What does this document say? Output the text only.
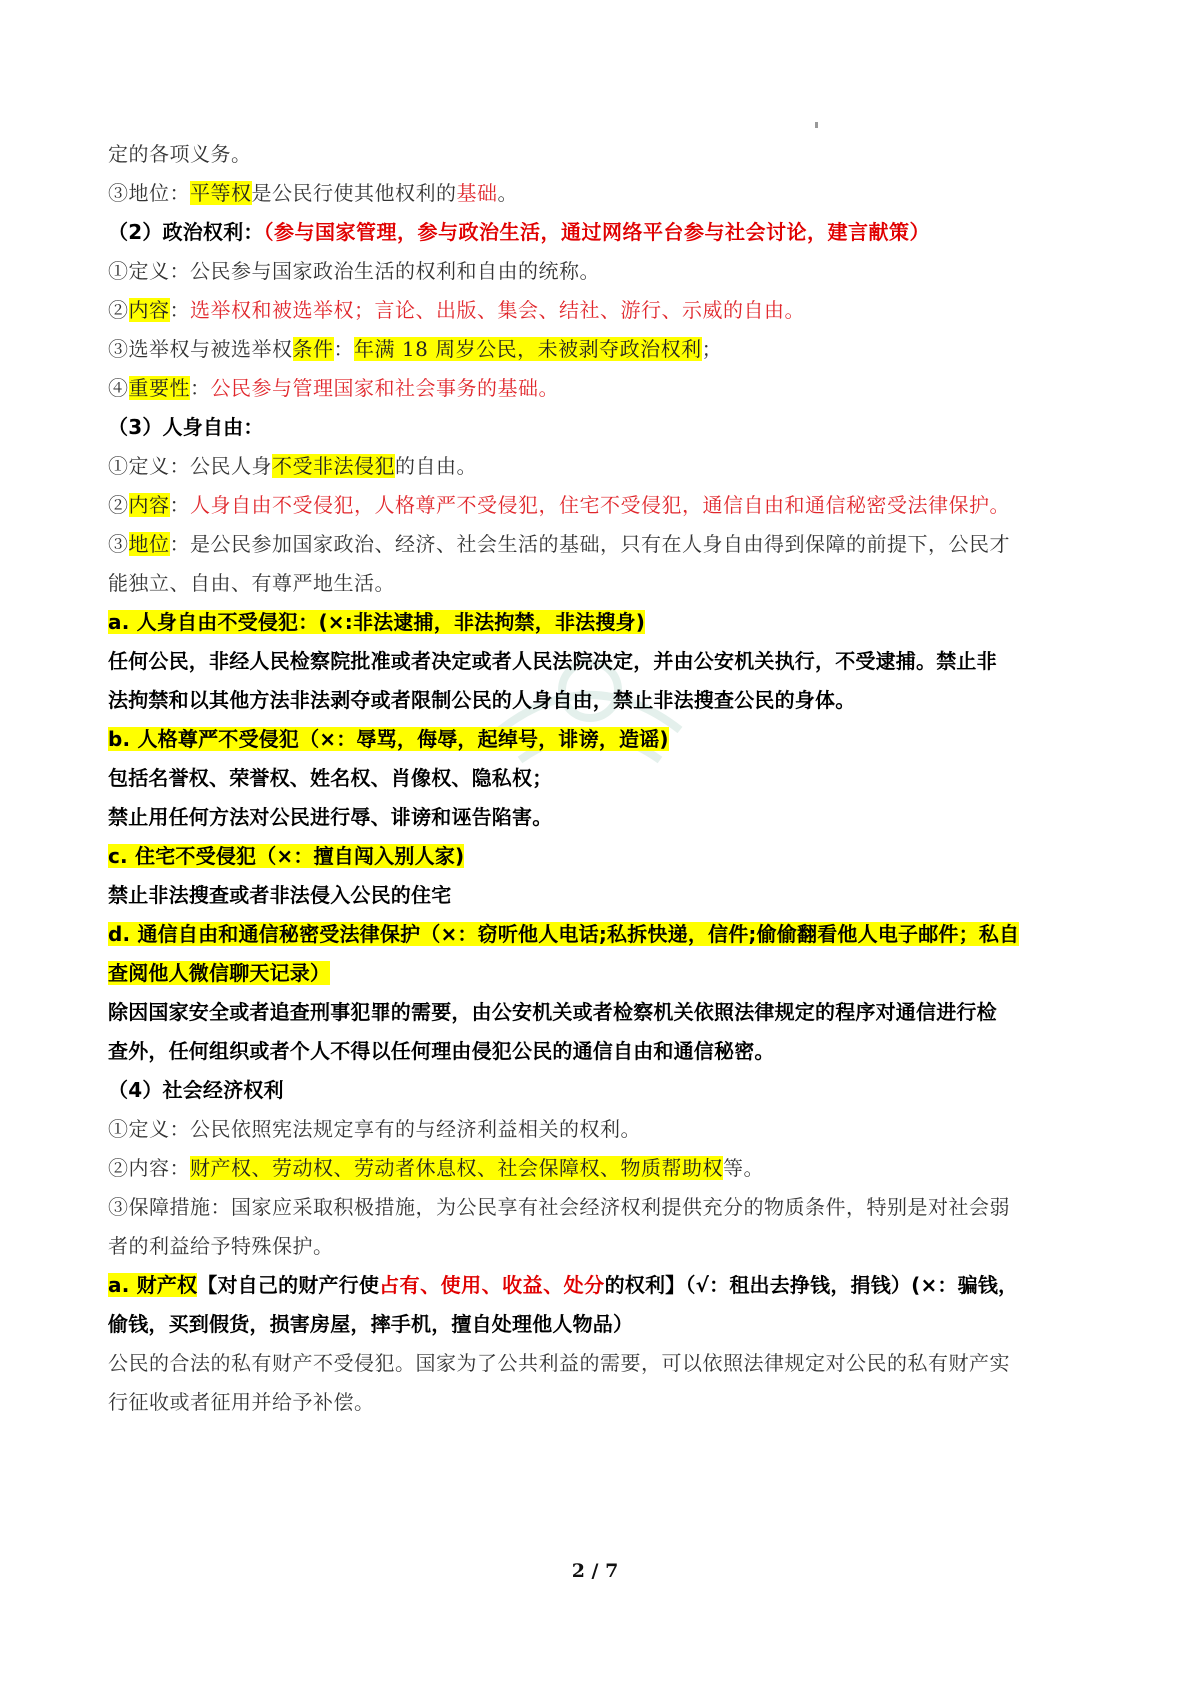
定的各项义务。
③地位：平等权是公民行使其他权利的基础。
（2）政治权利：（参与国家管理，参与政治生活，通过网络平台参与社会讨论，建言献策）
①定义：公民参与国家政治生活的权利和自由的统称。
②内容：选举权和被选举权；言论、出版、集会、结社、游行、示威的自由。
③选举权与被选举权条件：年满 18 周岁公民，未被剥夺政治权利；
④重要性：公民参与管理国家和社会事务的基础。
（3）人身自由：
①定义：公民人身不受非法侵犯的自由。
②内容：人身自由不受侵犯，人格尊严不受侵犯，住宅不受侵犯，通信自由和通信秘密受法律保护。
③地位：是公民参加国家政治、经济、社会生活的基础，只有在人身自由得到保障的前提下，公民才
能独立、自由、有尊严地生活。
a. 人身自由不受侵犯：(×:非法逮捕，非法拘禁，非法搜身)
任何公民，非经人民检察院批准或者决定或者人民法院决定，并由公安机关执行，不受逮捕。禁止非
法拘禁和以其他方法非法剥夺或者限制公民的人身自由，禁止非法搜查公民的身体。
b. 人格尊严不受侵犯（×：辱骂，侮辱，起绰号，诽谤，造谣)
包括名誉权、荣誉权、姓名权、肖像权、隐私权；
禁止用任何方法对公民进行辱、诽谤和诬告陷害。
c. 住宅不受侵犯（×：擅自闯入别人家)
禁止非法搜查或者非法侵入公民的住宅
d. 通信自由和通信秘密受法律保护（×：窃听他人电话;私拆快递，信件;偷偷翻看他人电子邮件；私自
查阅他人微信聊天记录）
除因国家安全或者追查刑事犯罪的需要，由公安机关或者检察机关依照法律规定的程序对通信进行检
查外，任何组织或者个人不得以任何理由侵犯公民的通信自由和通信秘密。
（4）社会经济权利
①定义：公民依照宪法规定享有的与经济利益相关的权利。
②内容：财产权、劳动权、劳动者休息权、社会保障权、物质帮助权等。
③保障措施：国家应采取积极措施，为公民享有社会经济权利提供充分的物质条件，特别是对社会弱
者的利益给予特殊保护。
a. 财产权【对自己的财产行使占有、使用、收益、处分的权利】（√：租出去挣钱，捐钱）(×：骗钱，
偷钱，买到假货，损害房屋，摔手机，擅自处理他人物品）
公民的合法的私有财产不受侵犯。国家为了公共利益的需要，可以依照法律规定对公民的私有财产实
行征收或者征用并给予补偿。
2 / 7
